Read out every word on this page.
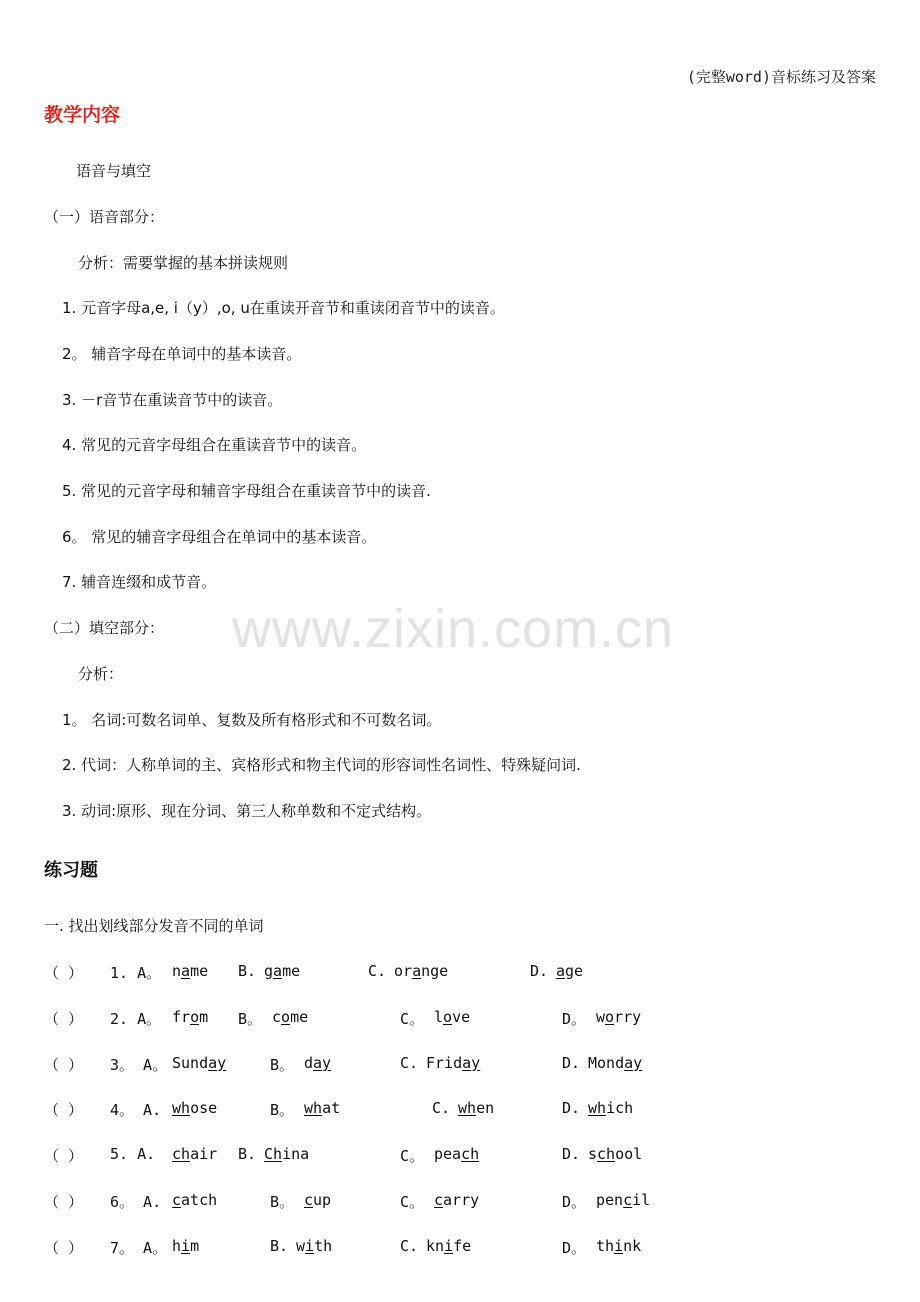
(完整word)音标练习及答案
www.zixin.com.cn
教学内容
语音与填空
（一）语音部分：
分析：需要掌握的基本拼读规则
1. 元音字母a,e, i（y）,o, u在重读开音节和重读闭音节中的读音。
2。 辅音字母在单词中的基本读音。
3. －r音节在重读音节中的读音。
4. 常见的元音字母组合在重读音节中的读音。
5. 常见的元音字母和辅音字母组合在重读音节中的读音.
6。 常见的辅音字母组合在单词中的基本读音。
7. 辅音连缀和成节音。
（二）填空部分：
分析：
1。 名词:可数名词单、复数及所有格形式和不可数名词。
2. 代词：人称单词的主、宾格形式和物主代词的形容词性名词性、特殊疑问词.
3. 动词:原形、现在分词、第三人称单数和不定式结构。
练习题
一. 找出划线部分发音不同的单词
（ ） 1. A。 name B. game	C. orange	D. age
（ ） 2. A。 from B。 come	C。 love	D。 worry
（ ） 3。 A。 Sunday	B。 day	C. Friday	D. Monday
（ ） 4。 A. whose	B。 what	C. when	D. which
（ ） 5. A. chair B. China	C。 peach	D. school
（ ） 6。 A. catch	B。 cup	C。 carry	D。 pencil
（ ） 7。 A。 him	B. with	C. knife	D。 think
